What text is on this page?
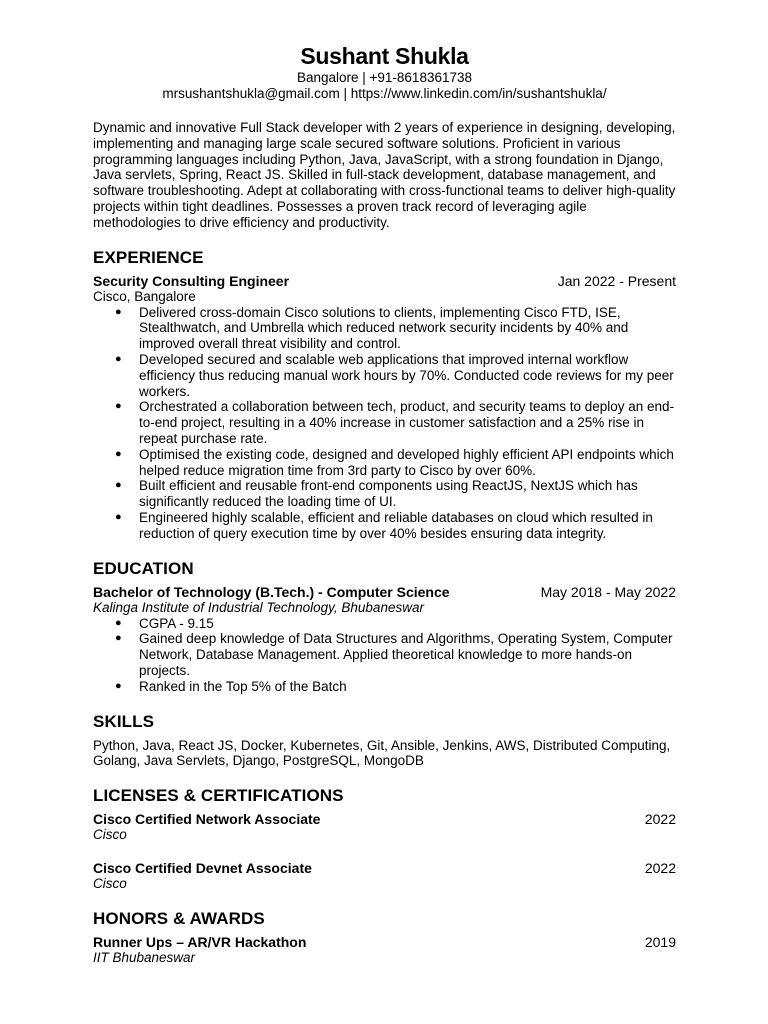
Sushant Shukla
Bangalore | +91-8618361738
mrsushantshukla@gmail.com | https://www.linkedin.com/in/sushantshukla/
Dynamic and innovative Full Stack developer with 2 years of experience in designing, developing, implementing and managing large scale secured software solutions. Proficient in various programming languages including Python, Java, JavaScript, with a strong foundation in Django, Java servlets, Spring, React JS. Skilled in full-stack development, database management, and software troubleshooting. Adept at collaborating with cross-functional teams to deliver high-quality projects within tight deadlines. Possesses a proven track record of leveraging agile methodologies to drive efficiency and productivity.
EXPERIENCE
Security Consulting Engineer	Jan 2022 - Present
Cisco, Bangalore
● Delivered cross-domain Cisco solutions to clients, implementing Cisco FTD, ISE, Stealthwatch, and Umbrella which reduced network security incidents by 40% and improved overall threat visibility and control.
● Developed secured and scalable web applications that improved internal workflow efficiency thus reducing manual work hours by 70%. Conducted code reviews for my peer workers.
● Orchestrated a collaboration between tech, product, and security teams to deploy an end-to-end project, resulting in a 40% increase in customer satisfaction and a 25% rise in repeat purchase rate.
● Optimised the existing code, designed and developed highly efficient API endpoints which helped reduce migration time from 3rd party to Cisco by over 60%.
● Built efficient and reusable front-end components using ReactJS, NextJS which has significantly reduced the loading time of UI.
● Engineered highly scalable, efficient and reliable databases on cloud which resulted in reduction of query execution time by over 40% besides ensuring data integrity.
EDUCATION
Bachelor of Technology (B.Tech.) - Computer Science	May 2018 - May 2022
Kalinga Institute of Industrial Technology, Bhubaneswar
● CGPA - 9.15
● Gained deep knowledge of Data Structures and Algorithms, Operating System, Computer Network, Database Management. Applied theoretical knowledge to more hands-on projects.
● Ranked in the Top 5% of the Batch
SKILLS
Python, Java, React JS, Docker, Kubernetes, Git, Ansible, Jenkins, AWS, Distributed Computing, Golang, Java Servlets, Django, PostgreSQL, MongoDB
LICENSES & CERTIFICATIONS
Cisco Certified Network Associate	2022
Cisco
Cisco Certified Devnet Associate	2022
Cisco
HONORS & AWARDS
Runner Ups – AR/VR Hackathon	2019
IIT Bhubaneswar
